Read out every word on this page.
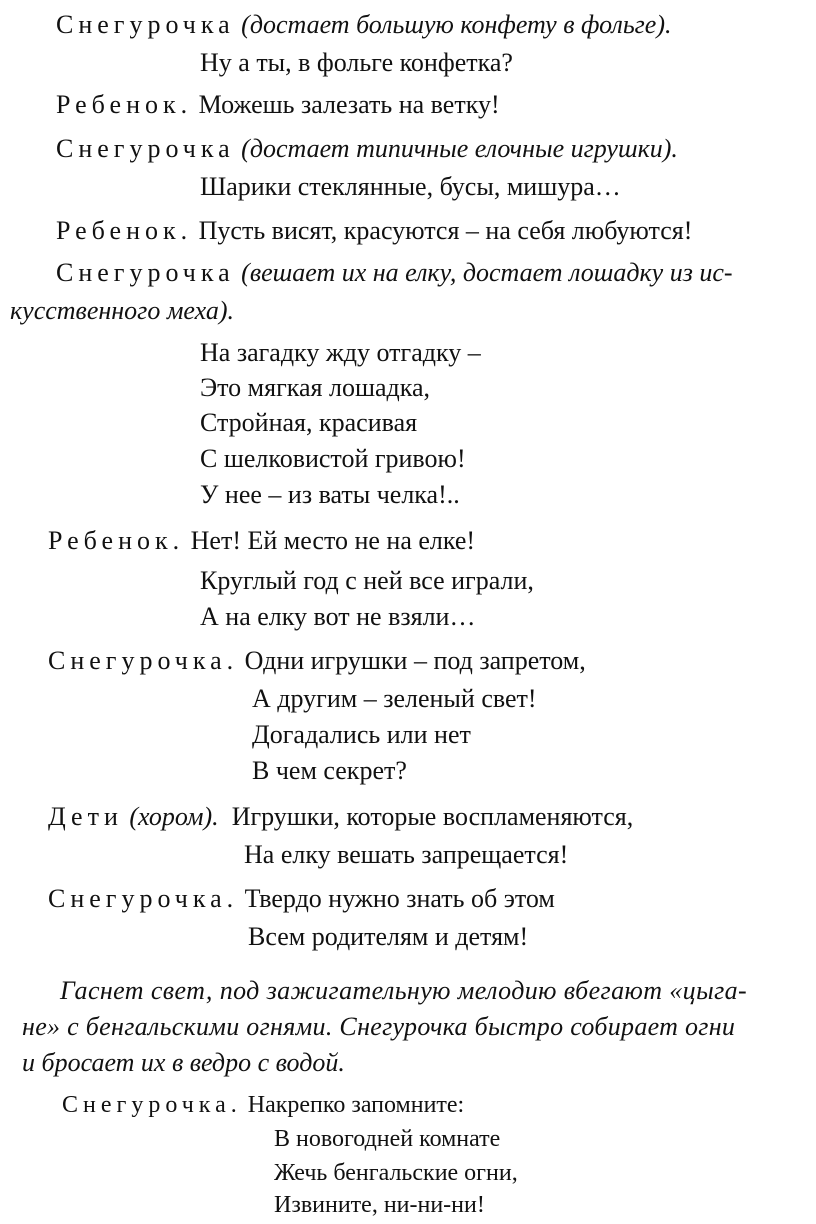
Снегурочка (достает большую конфету в фольге).
Ну а ты, в фольге конфетка?
Ребенок. Можешь залезать на ветку!
Снегурочка (достает типичные елочные игрушки).
Шарики стеклянные, бусы, мишура…
Ребенок. Пусть висят, красуются – на себя любуются!
Снегурочка (вешает их на елку, достает лошадку из ис-
кусственного меха).
На загадку жду отгадку –
Это мягкая лошадка,
Стройная, красивая
С шелковистой гривою!
У нее – из ваты челка!..
Ребенок. Нет! Ей место не на елке!
Круглый год с ней все играли,
А на елку вот не взяли…
Снегурочка. Одни игрушки – под запретом,
А другим – зеленый свет!
Догадались или нет
В чем секрет?
Дети (хором). Игрушки, которые воспламеняются,
На елку вешать запрещается!
Снегурочка. Твердо нужно знать об этом
Всем родителям и детям!
Гаснет свет, под зажигательную мелодию вбегают «цыга-
не» с бенгальскими огнями. Снегурочка быстро собирает огни
и бросает их в ведро с водой.
Снегурочка. Накрепко запомните:
В новогодней комнате
Жечь бенгальские огни,
Извините, ни-ни-ни!
